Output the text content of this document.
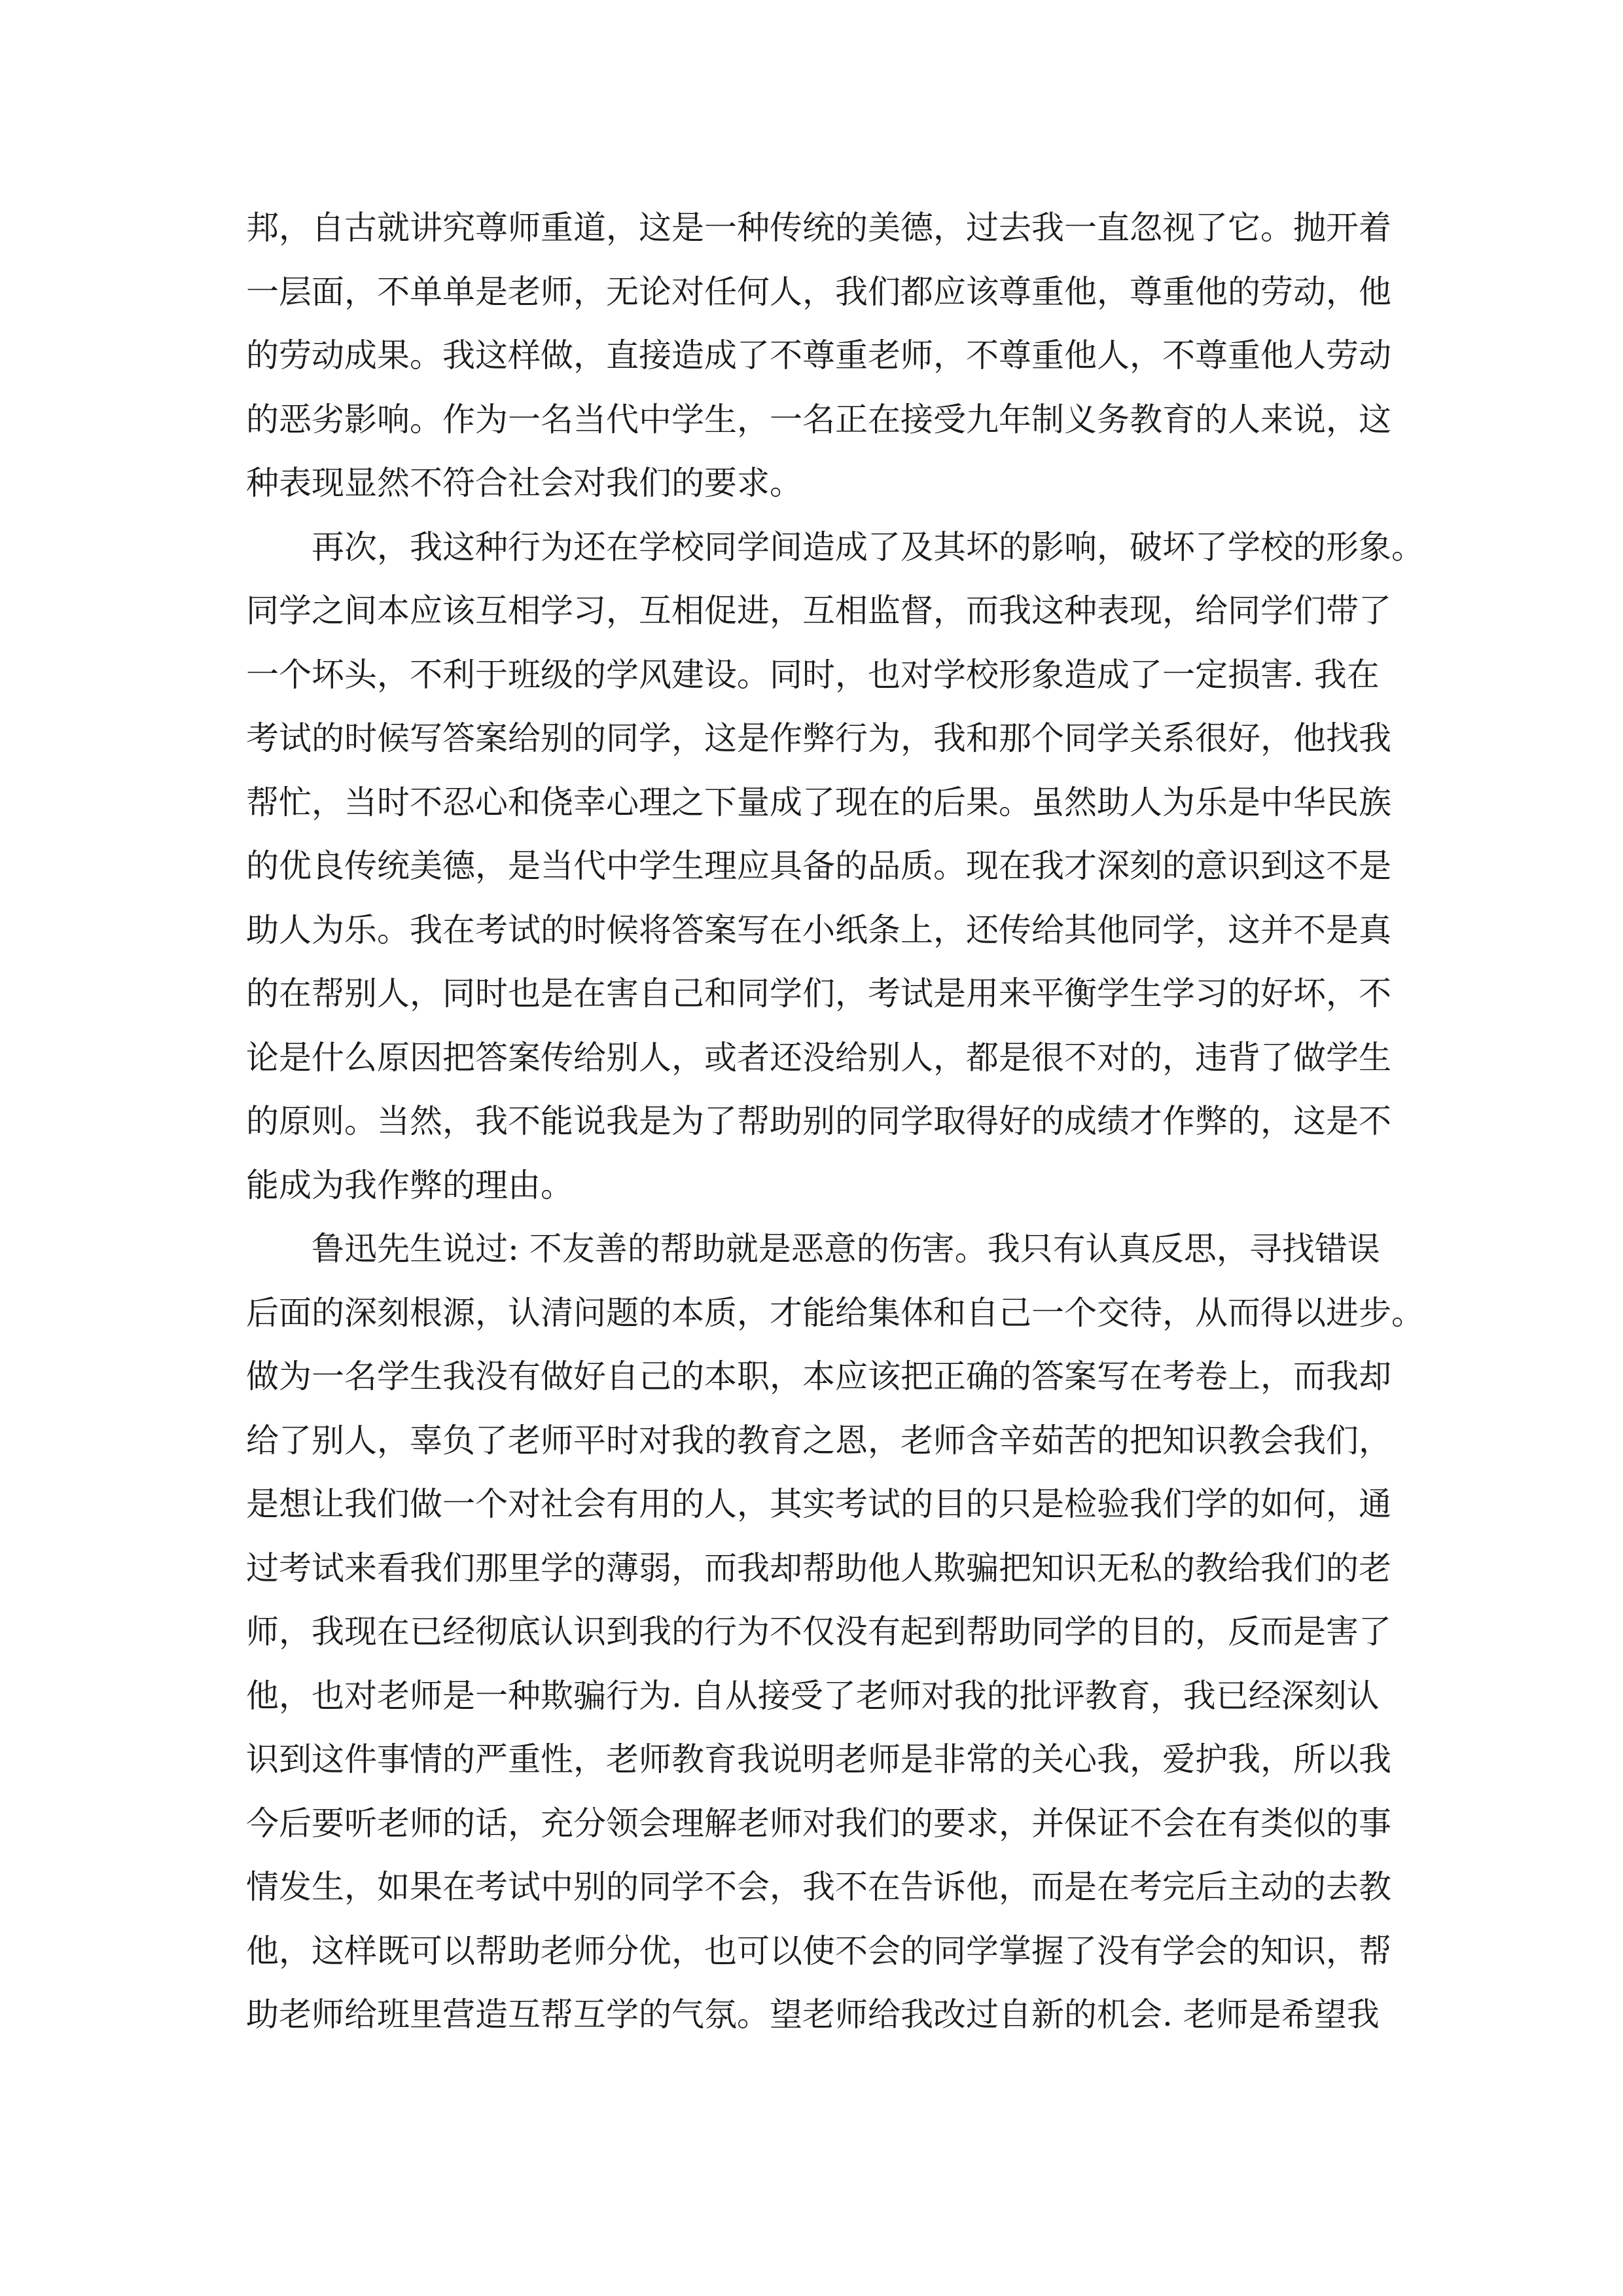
邦，自古就讲究尊师重道，这是一种传统的美德，过去我一直忽视了它。抛开着
一层面，不单单是老师，无论对任何人，我们都应该尊重他，尊重他的劳动，他
的劳动成果。我这样做，直接造成了不尊重老师，不尊重他人，不尊重他人劳动
的恶劣影响。作为一名当代中学生，一名正在接受九年制义务教育的人来说，这
种表现显然不符合社会对我们的要求。
再次，我这种行为还在学校同学间造成了及其坏的影响，破坏了学校的形象。
同学之间本应该互相学习，互相促进，互相监督，而我这种表现，给同学们带了
一个坏头，不利于班级的学风建设。同时，也对学校形象造成了一定损害. 我在
考试的时候写答案给别的同学，这是作弊行为，我和那个同学关系很好，他找我
帮忙，当时不忍心和侥幸心理之下量成了现在的后果。虽然助人为乐是中华民族
的优良传统美德，是当代中学生理应具备的品质。现在我才深刻的意识到这不是
助人为乐。我在考试的时候将答案写在小纸条上，还传给其他同学，这并不是真
的在帮别人，同时也是在害自己和同学们，考试是用来平衡学生学习的好坏，不
论是什么原因把答案传给别人，或者还没给别人，都是很不对的，违背了做学生
的原则。当然，我不能说我是为了帮助别的同学取得好的成绩才作弊的，这是不
能成为我作弊的理由。
鲁迅先生说过: 不友善的帮助就是恶意的伤害。我只有认真反思，寻找错误
后面的深刻根源，认清问题的本质，才能给集体和自己一个交待，从而得以进步。
做为一名学生我没有做好自己的本职，本应该把正确的答案写在考卷上，而我却
给了别人，辜负了老师平时对我的教育之恩，老师含辛茹苦的把知识教会我们，
是想让我们做一个对社会有用的人，其实考试的目的只是检验我们学的如何，通
过考试来看我们那里学的薄弱，而我却帮助他人欺骗把知识无私的教给我们的老
师，我现在已经彻底认识到我的行为不仅没有起到帮助同学的目的，反而是害了
他，也对老师是一种欺骗行为. 自从接受了老师对我的批评教育，我已经深刻认
识到这件事情的严重性，老师教育我说明老师是非常的关心我，爱护我，所以我
今后要听老师的话，充分领会理解老师对我们的要求，并保证不会在有类似的事
情发生，如果在考试中别的同学不会，我不在告诉他，而是在考完后主动的去教
他，这样既可以帮助老师分优，也可以使不会的同学掌握了没有学会的知识，帮
助老师给班里营造互帮互学的气氛。望老师给我改过自新的机会. 老师是希望我
